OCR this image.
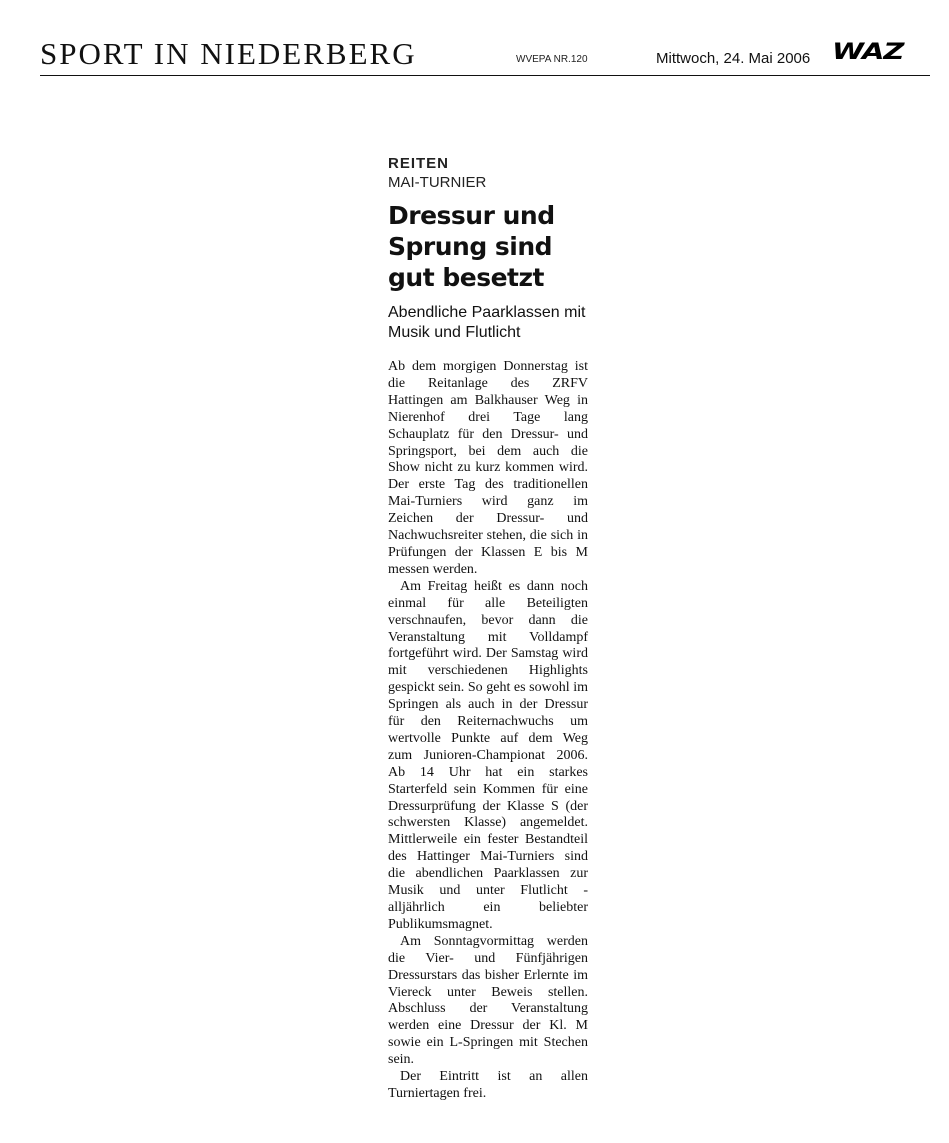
SPORT IN NIEDERBERG	WVEPA NR.120	Mittwoch, 24. Mai 2006 WAZ
REITEN
MAI-TURNIER
Dressur und Sprung sind gut besetzt
Abendliche Paarklassen mit Musik und Flutlicht

Ab dem morgigen Donnerstag ist die Reitanlage des ZRFV Hattingen am Balkhauser Weg in Nierenhof drei Tage lang Schauplatz für den Dressur- und Springsport, bei dem auch die Show nicht zu kurz kommen wird. Der erste Tag des traditionellen Mai-Turniers wird ganz im Zeichen der Dressur- und Nachwuchsreiter stehen, die sich in Prüfungen der Klassen E bis M messen werden.

Am Freitag heißt es dann noch einmal für alle Beteiligten verschnaufen, bevor dann die Veranstaltung mit Volldampf fortgeführt wird. Der Samstag wird mit verschiedenen Highlights gespickt sein. So geht es sowohl im Springen als auch in der Dressur für den Reiternachwuchs um wertvolle Punkte auf dem Weg zum Junioren-Championat 2006. Ab 14 Uhr hat ein starkes Starterfeld sein Kommen für eine Dressurprüfung der Klasse S (der schwersten Klasse) angemeldet. Mittlerweile ein fester Bestandteil des Hattinger Mai-Turniers sind die abendlichen Paarklassen zur Musik und unter Flutlicht - alljährlich ein beliebter Publikumsmagnet.

Am Sonntagvormittag werden die Vier- und Fünfjährigen Dressurstars das bisher Erlernte im Viereck unter Beweis stellen. Abschluss der Veranstaltung werden eine Dressur der Kl. M sowie ein L-Springen mit Stechen sein.

Der Eintritt ist an allen Turniertagen frei.
